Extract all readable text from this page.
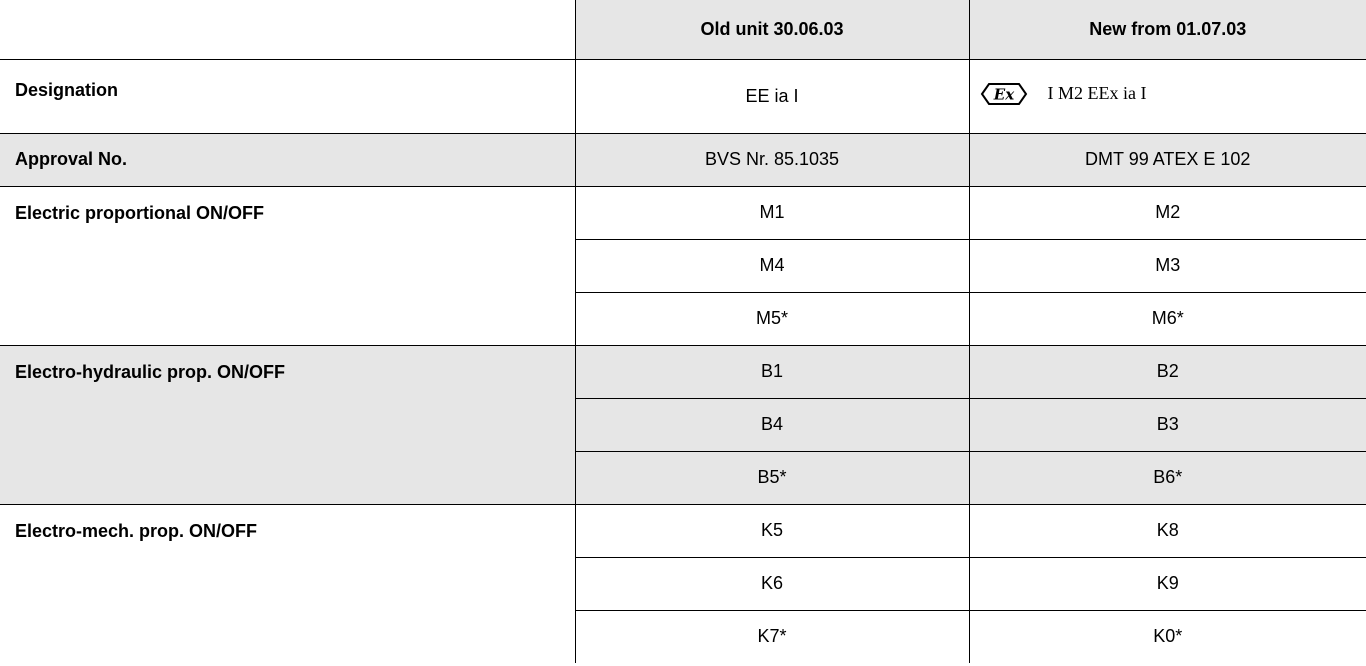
	Old unit 30.06.03	New from 01.07.03
Designation	EE ia I	Ex I M2 EEx ia I

Approval No.	BVS Nr. 85.1035	DMT 99 ATEX E 102
Electric proportional ON/OFF	M1	M2
	M4	M3
	M5*	M6*
Electro-hydraulic prop. ON/OFF	B1	B2
	B4	B3
	B5*	B6*
Electro-mech. prop. ON/OFF	K5	K8
	K6	K9
	K7*	K0*
